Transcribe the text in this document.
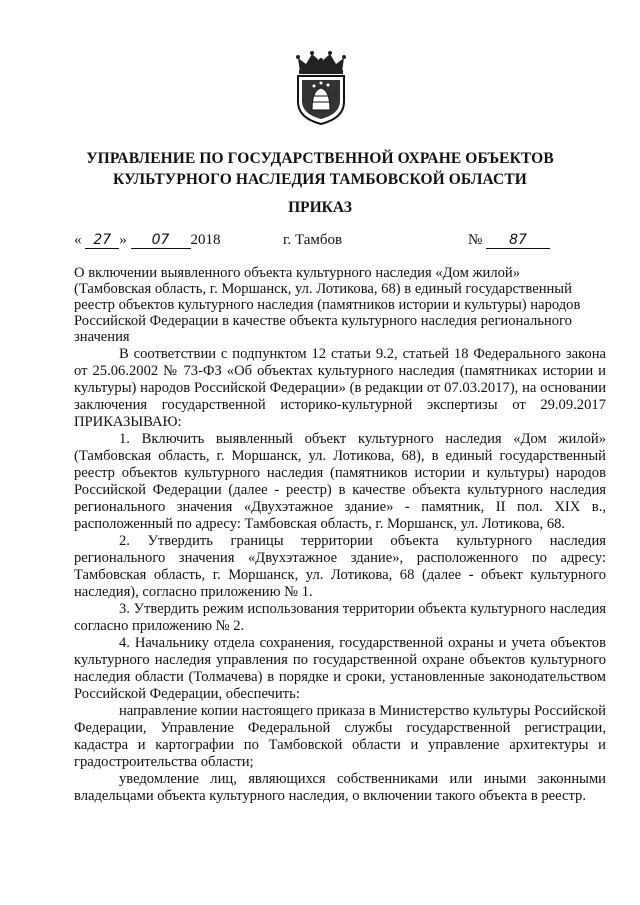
УПРАВЛЕНИЕ ПО ГОСУДАРСТВЕННОЙ ОХРАНЕ ОБЪЕКТОВ
КУЛЬТУРНОГО НАСЛЕДИЯ ТАМБОВСКОЙ ОБЛАСТИ
ПРИКАЗ
« 27 » 07 2018	г. Тамбов	№ 87
О включении выявленного объекта культурного наследия «Дом жилой»
(Тамбовская область, г. Моршанск, ул. Лотикова, 68) в единый государственный
реестр объектов культурного наследия (памятников истории и культуры) народов
Российской Федерации в качестве объекта культурного наследия регионального
значения

В соответствии с подпунктом 12 статьи 9.2, статьей 18 Федерального закона от 25.06.2002 № 73-ФЗ «Об объектах культурного наследия (памятниках истории и культуры) народов Российской Федерации» (в редакции от 07.03.2017), на основании заключения государственной историко-культурной экспертизы от 29.09.2017 ПРИКАЗЫВАЮ:

1. Включить выявленный объект культурного наследия «Дом жилой» (Тамбовская область, г. Моршанск, ул. Лотикова, 68), в единый государственный реестр объектов культурного наследия (памятников истории и культуры) народов Российской Федерации (далее - реестр) в качестве объекта культурного наследия регионального значения «Двухэтажное здание» - памятник, II пол. XIX в., расположенный по адресу: Тамбовская область, г. Моршанск, ул. Лотикова, 68.

2. Утвердить границы территории объекта культурного наследия регионального значения «Двухэтажное здание», расположенного по адресу: Тамбовская область, г. Моршанск, ул. Лотикова, 68 (далее - объект культурного наследия), согласно приложению № 1.

3. Утвердить режим использования территории объекта культурного наследия согласно приложению № 2.

4. Начальнику отдела сохранения, государственной охраны и учета объектов культурного наследия управления по государственной охране объектов культурного наследия области (Толмачева) в порядке и сроки, установленные законодательством Российской Федерации, обеспечить:

направление копии настоящего приказа в Министерство культуры Российской Федерации, Управление Федеральной службы государственной регистрации, кадастра и картографии по Тамбовской области и управление архитектуры и градостроительства области;

уведомление лиц, являющихся собственниками или иными законными владельцами объекта культурного наследия, о включении такого объекта в реестр.
